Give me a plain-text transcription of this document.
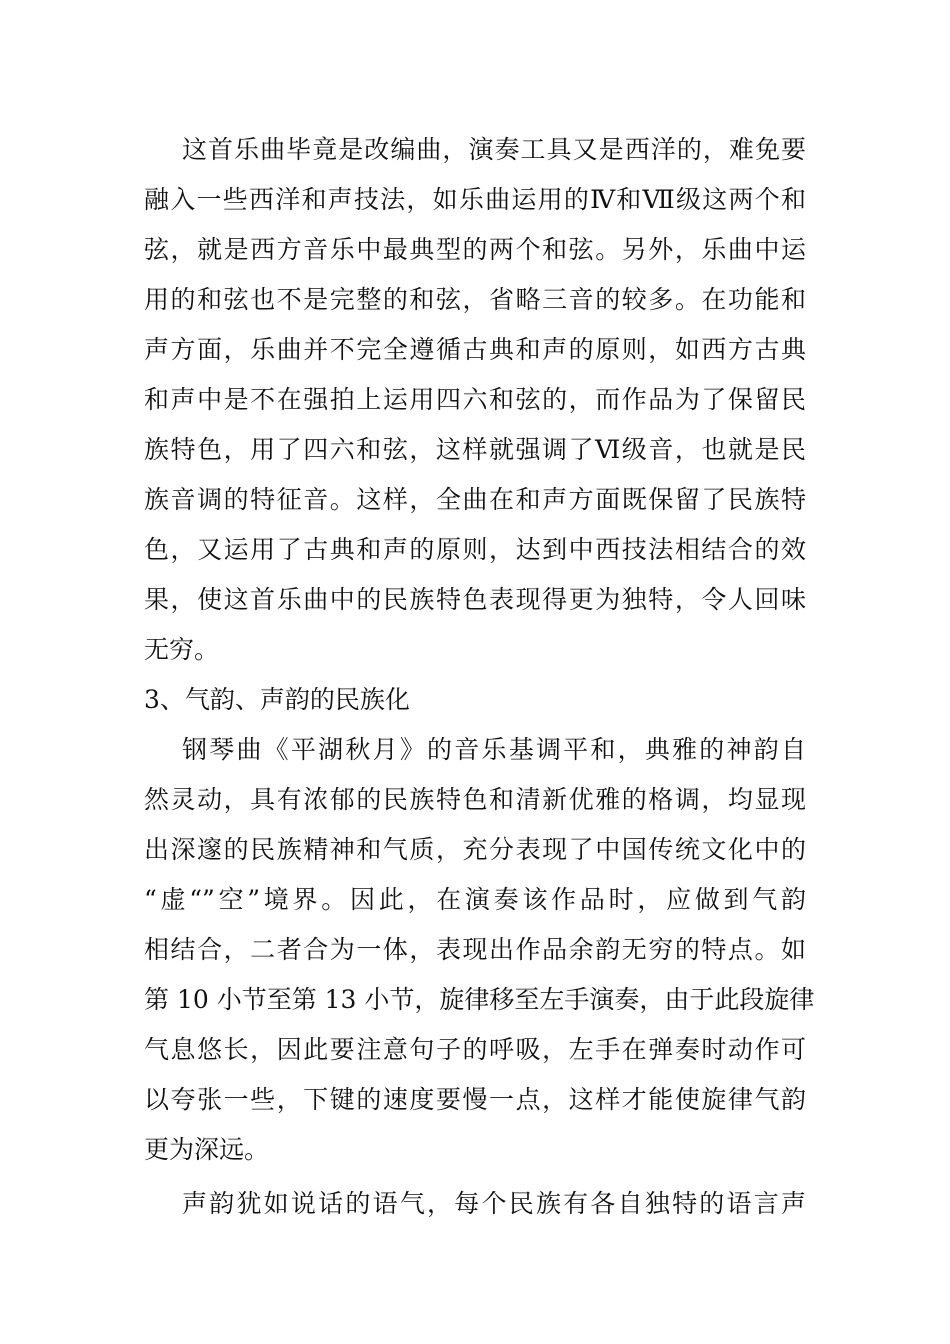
这首乐曲毕竟是改编曲，演奏工具又是西洋的，难免要
融入一些西洋和声技法，如乐曲运用的Ⅳ和Ⅶ级这两个和
弦，就是西方音乐中最典型的两个和弦。另外，乐曲中运
用的和弦也不是完整的和弦，省略三音的较多。在功能和
声方面，乐曲并不完全遵循古典和声的原则，如西方古典
和声中是不在强拍上运用四六和弦的，而作品为了保留民
族特色，用了四六和弦，这样就强调了Ⅵ级音，也就是民
族音调的特征音。这样，全曲在和声方面既保留了民族特
色，又运用了古典和声的原则，达到中西技法相结合的效
果，使这首乐曲中的民族特色表现得更为独特，令人回味
无穷。
3、气韵、声韵的民族化
钢琴曲《平湖秋月》的音乐基调平和，典雅的神韵自
然灵动，具有浓郁的民族特色和清新优雅的格调，均显现
出深邃的民族精神和气质，充分表现了中国传统文化中的
“虚“”空”境界。因此，在演奏该作品时，应做到气韵
相结合，二者合为一体，表现出作品余韵无穷的特点。如
第 10 小节至第 13 小节，旋律移至左手演奏，由于此段旋律
气息悠长，因此要注意句子的呼吸，左手在弹奏时动作可
以夸张一些，下键的速度要慢一点，这样才能使旋律气韵
更为深远。
声韵犹如说话的语气，每个民族有各自独特的语言声
